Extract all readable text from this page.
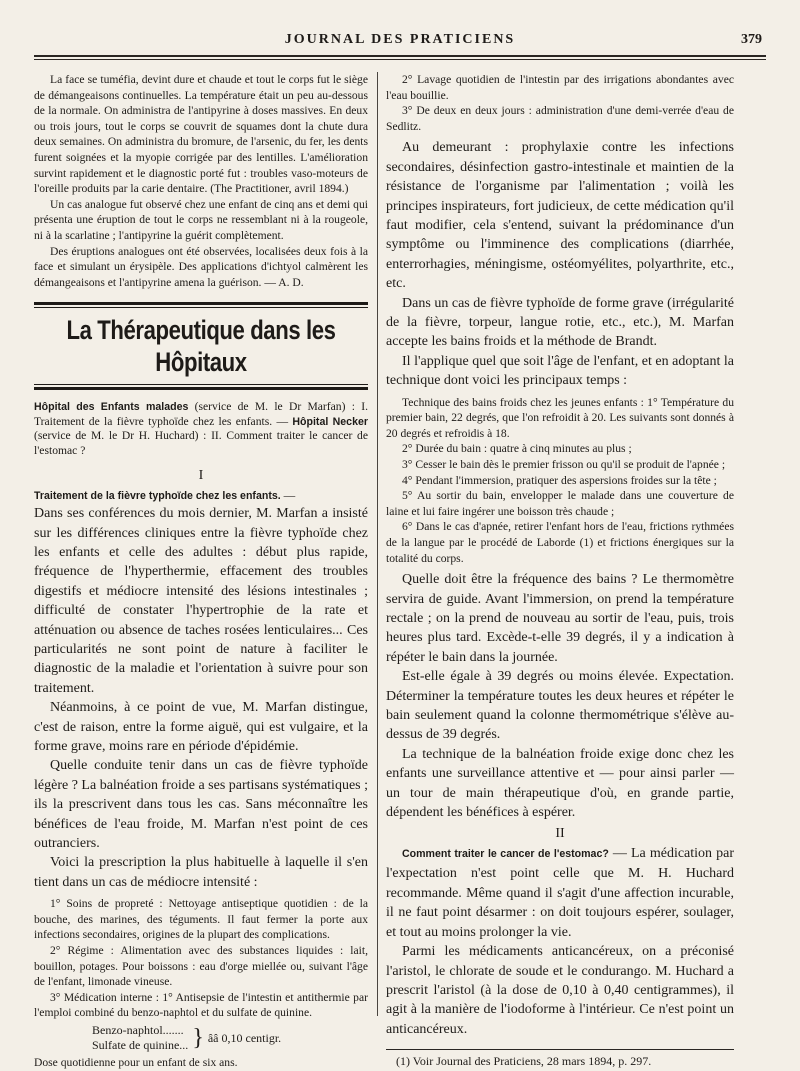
JOURNAL DES PRATICIENS	379

La face se tuméfia, devint dure et chaude et tout le corps fut le siège de démangeaisons continuelles. La température était un peu au-dessous de la normale. On administra de l'antipyrine à doses massives. En deux ou trois jours, tout le corps se couvrit de squames dont la chute dura deux semaines. On administra du bromure, de l'arsenic, du fer, les dents furent soignées et la myopie corrigée par des lentilles. L'amélioration survint rapidement et le diagnostic porté fut : troubles vaso-moteurs de l'oreille produits par la carie dentaire. (The Practitioner, avril 1894.)

Un cas analogue fut observé chez une enfant de cinq ans et demi qui présenta une éruption de tout le corps ne ressemblant ni à la rougeole, ni à la scarlatine ; l'antipyrine la guérit complètement.

Des éruptions analogues ont été observées, localisées deux fois à la face et simulant un érysipèle. Des applications d'ichtyol calmèrent les démangeaisons et l'antipyrine amena la guérison. — A. D.

La Thérapeutique dans les Hôpitaux

Hôpital des Enfants malades (service de M. le Dr Marfan) : I. Traitement de la fièvre typhoïde chez les enfants. — Hôpital Necker (service de M. le Dr H. Huchard) : II. Comment traiter le cancer de l'estomac ?

I

Traitement de la fièvre typhoïde chez les enfants. —

Dans ses conférences du mois dernier, M. Marfan a insisté sur les différences cliniques entre la fièvre typhoïde chez les enfants et celle des adultes : début plus rapide, fréquence de l'hyperthermie, effacement des troubles digestifs et médiocre intensité des lésions intestinales ; difficulté de constater l'hypertrophie de la rate et atténuation ou absence de taches rosées lenticulaires... Ces particularités ne sont point de nature à faciliter le diagnostic de la maladie et l'orientation à suivre pour son traitement.

Néanmoins, à ce point de vue, M. Marfan distingue, c'est de raison, entre la forme aiguë, qui est vulgaire, et la forme grave, moins rare en période d'épidémie.

Quelle conduite tenir dans un cas de fièvre typhoïde légère ? La balnéation froide a ses partisans systématiques ; ils la prescrivent dans tous les cas. Sans méconnaître les bénéfices de l'eau froide, M. Marfan n'est point de ces outranciers.

Voici la prescription la plus habituelle à laquelle il s'en tient dans un cas de médiocre intensité :

1° Soins de propreté : Nettoyage antiseptique quotidien : de la bouche, des marines, des téguments. Il faut fermer la porte aux infections secondaires, origines de la plupart des complications.

2° Régime : Alimentation avec des substances liquides : lait, bouillon, potages. Pour boissons : eau d'orge miellée ou, suivant l'âge de l'enfant, limonade vineuse.

3° Médication interne : 1° Antisepsie de l'intestin et antithermie par l'emploi combiné du benzo-naphtol et du sulfate de quinine.

Benzo-naphtol.......
Sulfate de quinine... } ââ 0,10 centigr.

Dose quotidienne pour un enfant de six ans.

2° Lavage quotidien de l'intestin par des irrigations abondantes avec l'eau bouillie.

3° De deux en deux jours : administration d'une demi-verrée d'eau de Sedlitz.

Au demeurant : prophylaxie contre les infections secondaires, désinfection gastro-intestinale et maintien de la résistance de l'organisme par l'alimentation ; voilà les principes inspirateurs, fort judicieux, de cette médication qu'il faut modifier, cela s'entend, suivant la prédominance d'un symptôme ou l'imminence des complications (diarrhée, enterrorhagies, méningisme, ostéomyélites, polyarthrite, etc., etc.

Dans un cas de fièvre typhoïde de forme grave (irrégularité de la fièvre, torpeur, langue rotie, etc., etc.), M. Marfan accepte les bains froids et la méthode de Brandt.

Il l'applique quel que soit l'âge de l'enfant, et en adoptant la technique dont voici les principaux temps :

Technique des bains froids chez les jeunes enfants : 1° Température du premier bain, 22 degrés, que l'on refroidit à 20. Les suivants sont donnés à 20 degrés et refroidis à 18.

2° Durée du bain : quatre à cinq minutes au plus ;

3° Cesser le bain dès le premier frisson ou qu'il se produit de l'apnée ;

4° Pendant l'immersion, pratiquer des aspersions froides sur la tête ;

5° Au sortir du bain, envelopper le malade dans une couverture de laine et lui faire ingérer une boisson très chaude ;

6° Dans le cas d'apnée, retirer l'enfant hors de l'eau, frictions rythmées de la langue par le procédé de Laborde (1) et frictions énergiques sur la totalité du corps.

Quelle doit être la fréquence des bains ? Le thermomètre servira de guide. Avant l'immersion, on prend la température rectale ; on la prend de nouveau au sortir de l'eau, puis, trois heures plus tard. Excède-t-elle 39 degrés, il y a indication à répéter le bain dans la journée.

Est-elle égale à 39 degrés ou moins élevée. Expectation. Déterminer la température toutes les deux heures et répéter le bain seulement quand la colonne thermométrique s'élève au-dessus de 39 degrés.

La technique de la balnéation froide exige donc chez les enfants une surveillance attentive et — pour ainsi parler — un tour de main thérapeutique d'où, en grande partie, dépendent les bénéfices à espérer.

II

Comment traiter le cancer de l'estomac? — La médication par l'expectation n'est point celle que M. H. Huchard recommande. Même quand il s'agit d'une affection incurable, il ne faut point désarmer : on doit toujours espérer, soulager, et tout au moins prolonger la vie.

Parmi les médicaments anticancéreux, on a préconisé l'aristol, le chlorate de soude et le condurango. M. Huchard a prescrit l'aristol (à la dose de 0,10 à 0,40 centigrammes), il agit à la manière de l'iodoforme à l'intérieur. Ce n'est point un anticancéreux.

(1) Voir Journal des Praticiens, 28 mars 1894, p. 297.
